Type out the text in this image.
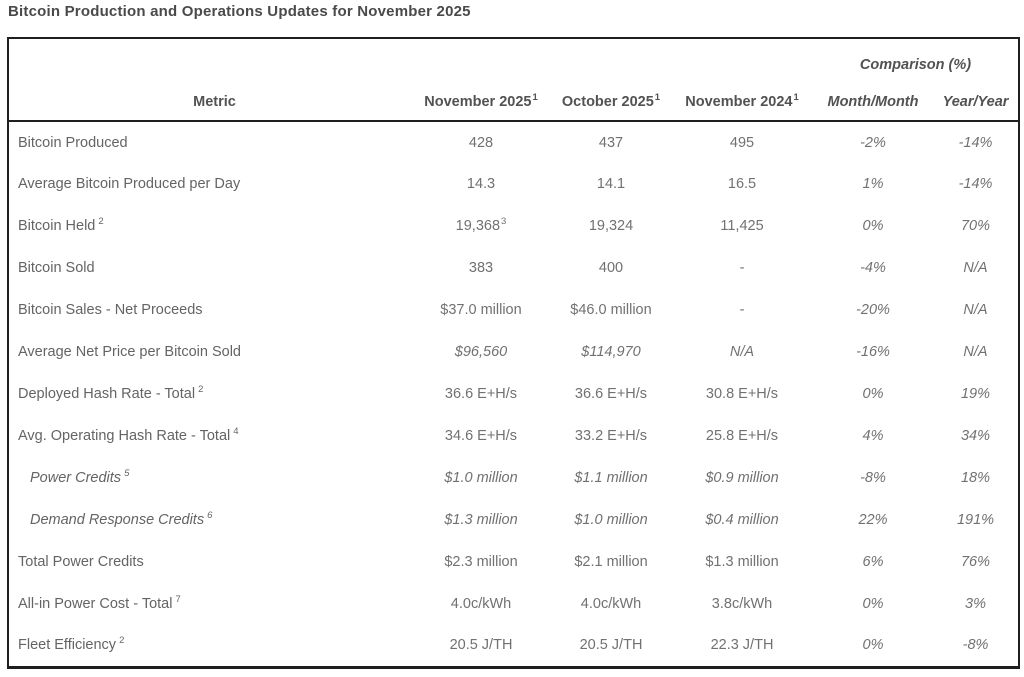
Bitcoin Production and Operations Updates for November 2025
				Comparison (%)	
Metric	November 2025$^1$	October 2025$^1$	November 2024$^1$	Month/Month	Year/Year
Bitcoin Produced	428	437	495	-2%	-14%
Average Bitcoin Produced per Day	14.3	14.1	16.5	1%	-14%
Bitcoin Held $^2$	19,368$^3$	19,324	11,425	0%	70%
Bitcoin Sold	383	400	-	-4%	N/A
Bitcoin Sales - Net Proceeds	$37.0 million	$46.0 million	-	-20%	N/A
Average Net Price per Bitcoin Sold	$96,560	$114,970	N/A	-16%	N/A
Deployed Hash Rate - Total $^2$	36.6 E+H/s	36.6 E+H/s	30.8 E+H/s	0%	19%
Avg. Operating Hash Rate - Total $^4$	34.6 E+H/s	33.2 E+H/s	25.8 E+H/s	4%	34%
Power Credits $^5$	$1.0 million	$1.1 million	$0.9 million	-8%	18%
Demand Response Credits $^6$	$1.3 million	$1.0 million	$0.4 million	22%	191%
Total Power Credits	$2.3 million	$2.1 million	$1.3 million	6%	76%
All-in Power Cost - Total $^7$	4.0c/kWh	4.0c/kWh	3.8c/kWh	0%	3%
Fleet Efficiency $^2$	20.5 J/TH	20.5 J/TH	22.3 J/TH	0%	-8%
